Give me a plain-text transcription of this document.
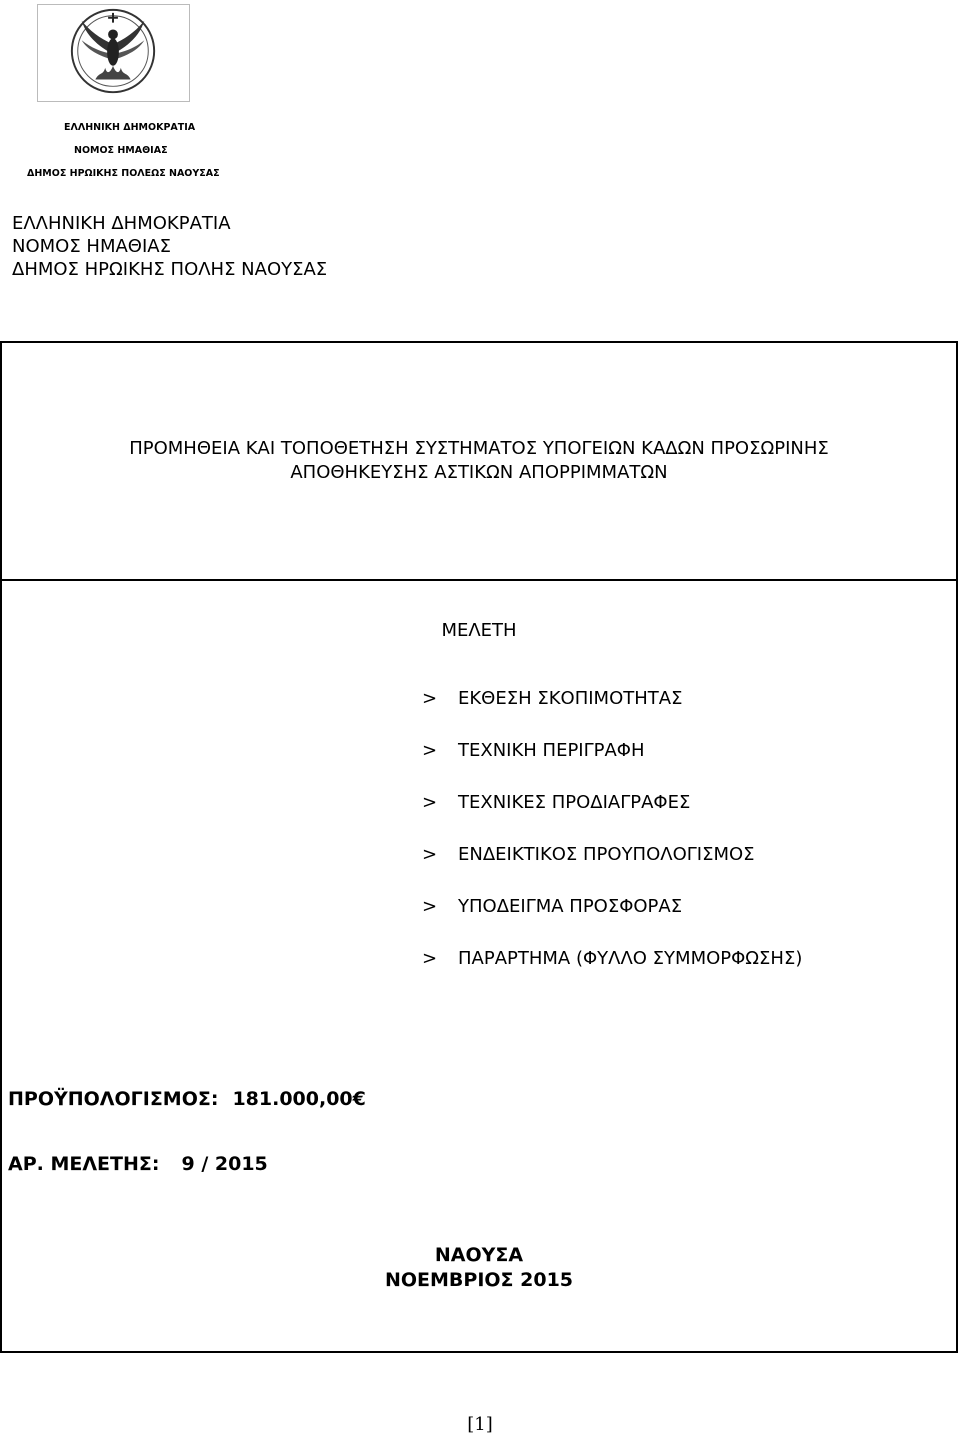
ΕΛΛΗΝΙΚΗ ΔΗΜΟΚΡΑΤΙΑ
ΝΟΜΟΣ ΗΜΑΘΙΑΣ
ΔΗΜΟΣ ΗΡΩΙΚΗΣ ΠΟΛΕΩΣ ΝΑΟΥΣΑΣ
ΕΛΛΗΝΙΚΗ ΔΗΜΟΚΡΑΤΙΑ
ΝΟΜΟΣ ΗΜΑΘΙΑΣ
ΔΗΜΟΣ ΗΡΩΙΚΗΣ ΠΟΛΗΣ ΝΑΟΥΣΑΣ
ΠΡΟΜΗΘΕΙΑ ΚΑΙ ΤΟΠΟΘΕΤΗΣΗ ΣΥΣΤΗΜΑΤΟΣ ΥΠΟΓΕΙΩΝ ΚΑΔΩΝ ΠΡΟΣΩΡΙΝΗΣ
ΑΠΟΘΗΚΕΥΣΗΣ ΑΣΤΙΚΩΝ ΑΠΟΡΡΙΜΜΑΤΩΝ
ΜΕΛΕΤΗ
>	ΕΚΘΕΣΗ ΣΚΟΠΙΜΟΤΗΤΑΣ
>	ΤΕΧΝΙΚΗ ΠΕΡΙΓΡΑΦΗ
>	ΤΕΧΝΙΚΕΣ ΠΡΟΔΙΑΓΡΑΦΕΣ
>	ΕΝΔΕΙΚΤΙΚΟΣ ΠΡΟΥΠΟΛΟΓΙΣΜΟΣ
>	ΥΠΟΔΕΙΓΜΑ ΠΡΟΣΦΟΡΑΣ
>	ΠΑΡΑΡΤΗΜΑ (ΦΥΛΛΟ ΣΥΜΜΟΡΦΩΣΗΣ)
ΠΡΟΫΠΟΛΟΓΙΣΜΟΣ: 181.000,00€
ΑΡ. ΜΕΛΕΤΗΣ: 9 / 2015
ΝΑΟΥΣΑ
ΝΟΕΜΒΡΙΟΣ 2015
[1]
